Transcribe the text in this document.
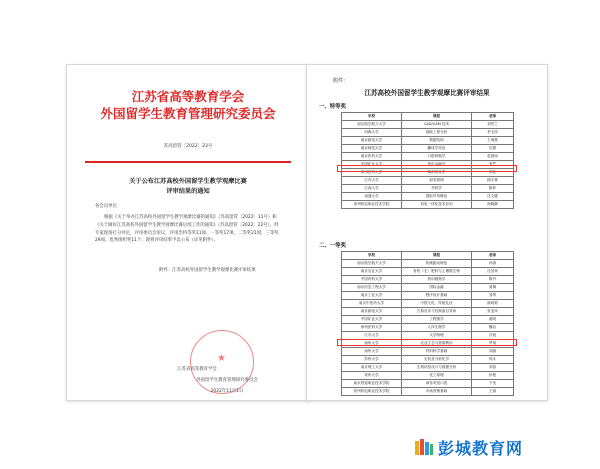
江苏省高等教育学会
外国留学生教育管理研究委员会
苏高留管〔2022〕23号
关于公布江苏高校外国留学生教学观摩比赛
评审结果的通知
各会员单位：
根据《关于举办江苏高校外国留学生教学观摩比赛的通知》（苏高留管〔2022〕11号）和《关于做好江苏高校外国留学生教学观摩比赛后续工作的通知》（苏高留管〔2022〕22号），经专家现场打分评定，评审委员会审议，评审出特等奖11项、一等奖17项、二等奖21项、三等奖29项、优秀组织奖11个，现将评审结果予以公布（详见附件）。
附件：江苏高校外国留学生教学观摩比赛评审结果
★
江苏省高等教育学会
外国留学生教育管理研究委员会
2022年11月1日
附件：
江苏高校外国留学生教学观摩比赛评审结果
一、特等奖
学校	课程	老师
南京航空航天大学	CAD/CAM 技术	刘哲兰
河海大学	基础工程分析	李玉萍
南京邮电大学	数据结构	王海燕
南京师范大学	翻译学导论	沈捷
南京医科大学	口腔种植学	赵晨雨
中国矿业大学	货币金融学	李严
徐州医科大学	解剖实验学	刘佳
江苏大学	财务管理	顾丰林
江南大学	外科学	陈菲
南通大学	国际贸易概论	沈文婕
常州机电职业技术学院	机电一体化技术应用	徐晓静
二、一等奖
学校	课程	老师
南京航空航天大学	机械振动理论	孙丽
南京农业大学	有机（无）肥料与土壤微生物	沈其荣
中国药科大学	药用植物学	陈丹
南京信息工程大学	国际金融	周佩
南京工业大学	程序设计基础	邹琴
南京中医药大学	中国文化、传统礼仪	薛莉莉
南京邮电大学	古典音乐与经典曲目导读	张亚萍
中国矿业大学	工程图学	唐明
徐州医科大学	人体生理学	魏洁
江苏大学	大学物理	冯旭
扬州大学	农业生态与资源利用	罗翔
扬州大学	材料科学基础	刘丽
苏州大学	无机及分析化学	郭永
南京理工大学	生物试验设计与数据分析	刘春
常州大学	化工原理	孙曼
南京铁道职业技术学院	商务英语口语	于莹
常州机电职业技术学院	市场营销基础	王丽
彭城教育网
